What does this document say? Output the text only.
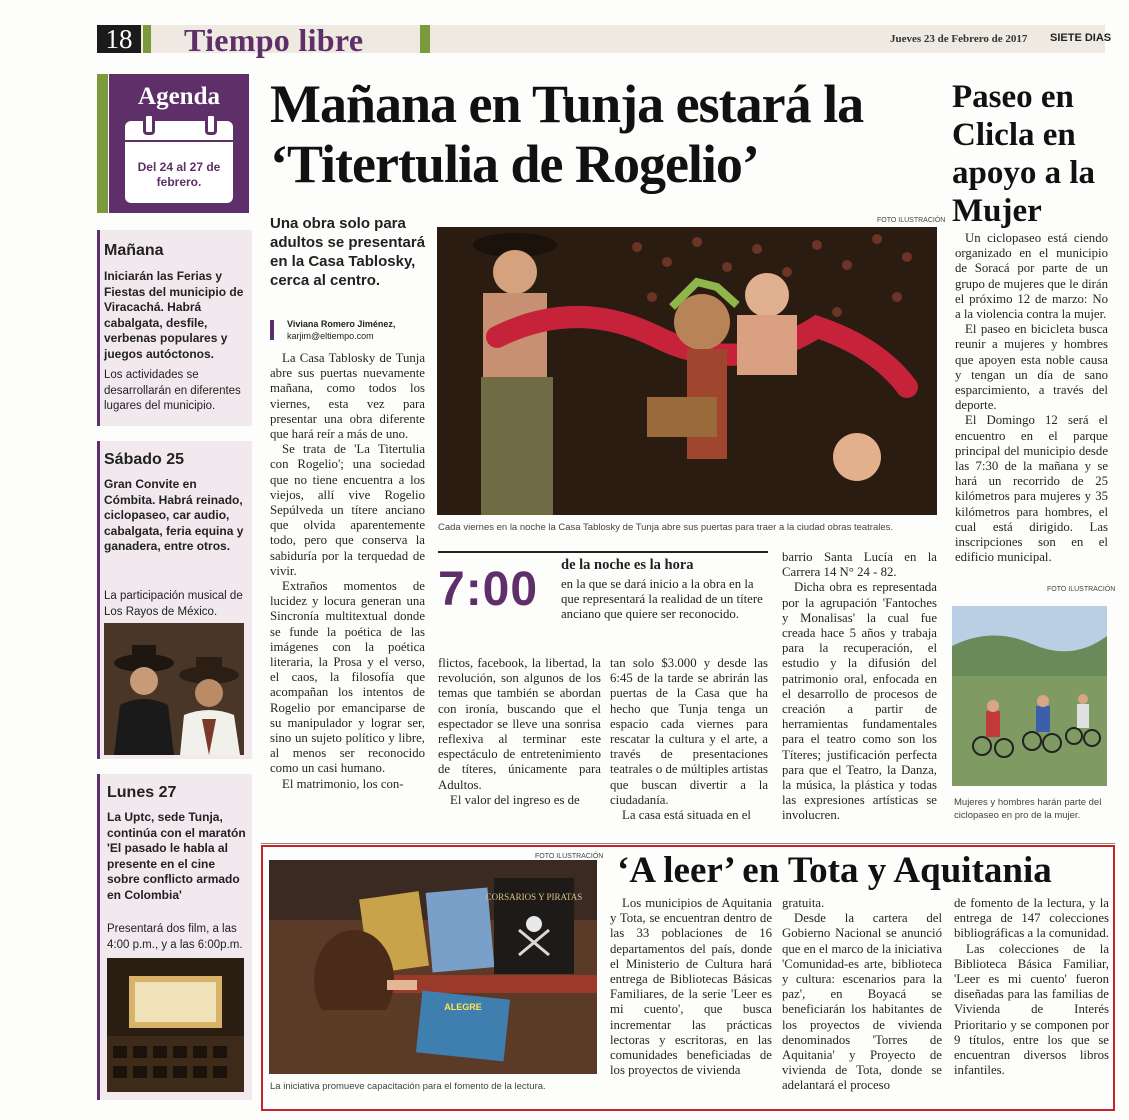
18 Tiempo libre	Jueves 23 de Febrero de 2017 SIETE DIAS
Agenda
Del 24 al 27 de febrero.
Mañana
Iniciarán las Ferias y Fiestas del municipio de Viracachá. Habrá cabalgata, desfile, verbenas populares y juegos autóctonos.
Los actividades se desarrollarán en diferentes lugares del municipio.
Sábado 25
Gran Convite en Cómbita. Habrá reinado, ciclopaseo, car audio, cabalgata, feria equina y ganadera, entre otros.
La participación musical de Los Rayos de México.
Lunes 27
La Uptc, sede Tunja, continúa con el maratón 'El pasado le habla al presente en el cine sobre conflicto armado en Colombia'
Presentará dos film, a las 4:00 p.m., y a las 6:00p.m.
Mañana en Tunja estará la ‘Titertulia de Rogelio’
Una obra solo para adultos se presentará en la Casa Tablosky, cerca al centro.
Viviana Romero Jiménez,
karjim@eltiempo.com
FOTO ILUSTRACIÓN
Cada viernes en la noche la Casa Tablosky de Tunja abre sus puertas para traer a la ciudad obras teatrales.

La Casa Tablosky de Tunja abre sus puertas nuevamente mañana, como todos los viernes, esta vez para presentar una obra diferente que hará reír a más de uno.

Se trata de 'La Titertulia con Rogelio'; una sociedad que no tiene encuentra a los viejos, allí vive Rogelio Sepúlveda un títere anciano que olvida aparentemente todo, pero que conserva la sabiduría por la terquedad de vivir.

Extraños momentos de lucidez y locura generan una Sincronía multitextual donde se funde la poética de las imágenes con la poética literaria, la Prosa y el verso, el caos, la filosofía que acompañan los intentos de Rogelio por emanciparse de su manipulador y lograr ser, sino un sujeto político y libre, al menos ser reconocido como un casi humano.

El matrimonio, los con-

7:00 de la noche es la hora
en la que se dará inicio a la obra en la que representará la realidad de un títere anciano que quiere ser reconocido.

flictos, facebook, la libertad, la revolución, son algunos de los temas que también se abordan con ironía, buscando que el espectador se lleve una sonrisa reflexiva al terminar este espectáculo de entretenimiento de títeres, únicamente para Adultos.

El valor del ingreso es de

tan solo $3.000 y desde las 6:45 de la tarde se abrirán las puertas de la Casa que ha hecho que Tunja tenga un espacio cada viernes para rescatar la cultura y el arte, a través de presentaciones teatrales o de múltiples artistas que buscan divertir a la ciudadanía.

La casa está situada en el

barrio Santa Lucía en la Carrera 14 N° 24 - 82.

Dicha obra es representada por la agrupación 'Fantoches y Monalisas' la cual fue creada hace 5 años y trabaja para la recuperación, el estudio y la difusión del patrimonio oral, enfocada en el desarrollo de procesos de creación a partir de herramientas fundamentales para el teatro como son los Títeres; justificación perfecta para que el Teatro, la Danza, la música, la plástica y todas las expresiones artísticas se involucren.

Paseo en Clicla en apoyo a la Mujer

Un ciclopaseo está ciendo organizado en el municipio de Soracá por parte de un grupo de mujeres que le dirán el próximo 12 de marzo: No a la violencia contra la mujer.

El paseo en bicicleta busca reunir a mujeres y hombres que apoyen esta noble causa y tengan un día de sano esparcimiento, a través del deporte.

El Domingo 12 será el encuentro en el parque principal del municipio desde las 7:30 de la mañana y se hará un recorrido de 25 kilómetros para mujeres y 35 kilómetros para hombres, el cual está dirigido. Las inscripciones son en el edificio municipal.

FOTO ILUSTRACIÓN
Mujeres y hombres harán parte del ciclopaseo en pro de la mujer.
FOTO ILUSTRACIÓN
CORSARIOS Y PIRATAS
ALEGRE
La iniciativa promueve capacitación para el fomento de la lectura.
‘A leer’ en Tota y Aquitania

Los municipios de Aquitania y Tota, se encuentran dentro de las 33 poblaciones de 16 departamentos del país, donde el Ministerio de Cultura hará entrega de Bibliotecas Básicas Familiares, de la serie 'Leer es mi cuento', que busca incrementar las prácticas lectoras y escritoras, en las comunidades beneficiadas de los proyectos de vivienda

gratuita.

Desde la cartera del Gobierno Nacional se anunció que en el marco de la iniciativa 'Comunidad-es arte, biblioteca y cultura: escenarios para la paz', en Boyacá se beneficiarán los habitantes de los proyectos de vivienda denominados 'Torres de Aquitania' y Proyecto de vivienda de Tota, donde se adelantará el proceso

de fomento de la lectura, y la entrega de 147 colecciones bibliográficas a la comunidad.

Las colecciones de la Biblioteca Básica Familiar, 'Leer es mi cuento' fueron diseñadas para las familias de Vivienda de Interés Prioritario y se componen por 9 títulos, entre los que se encuentran diversos libros infantiles.
